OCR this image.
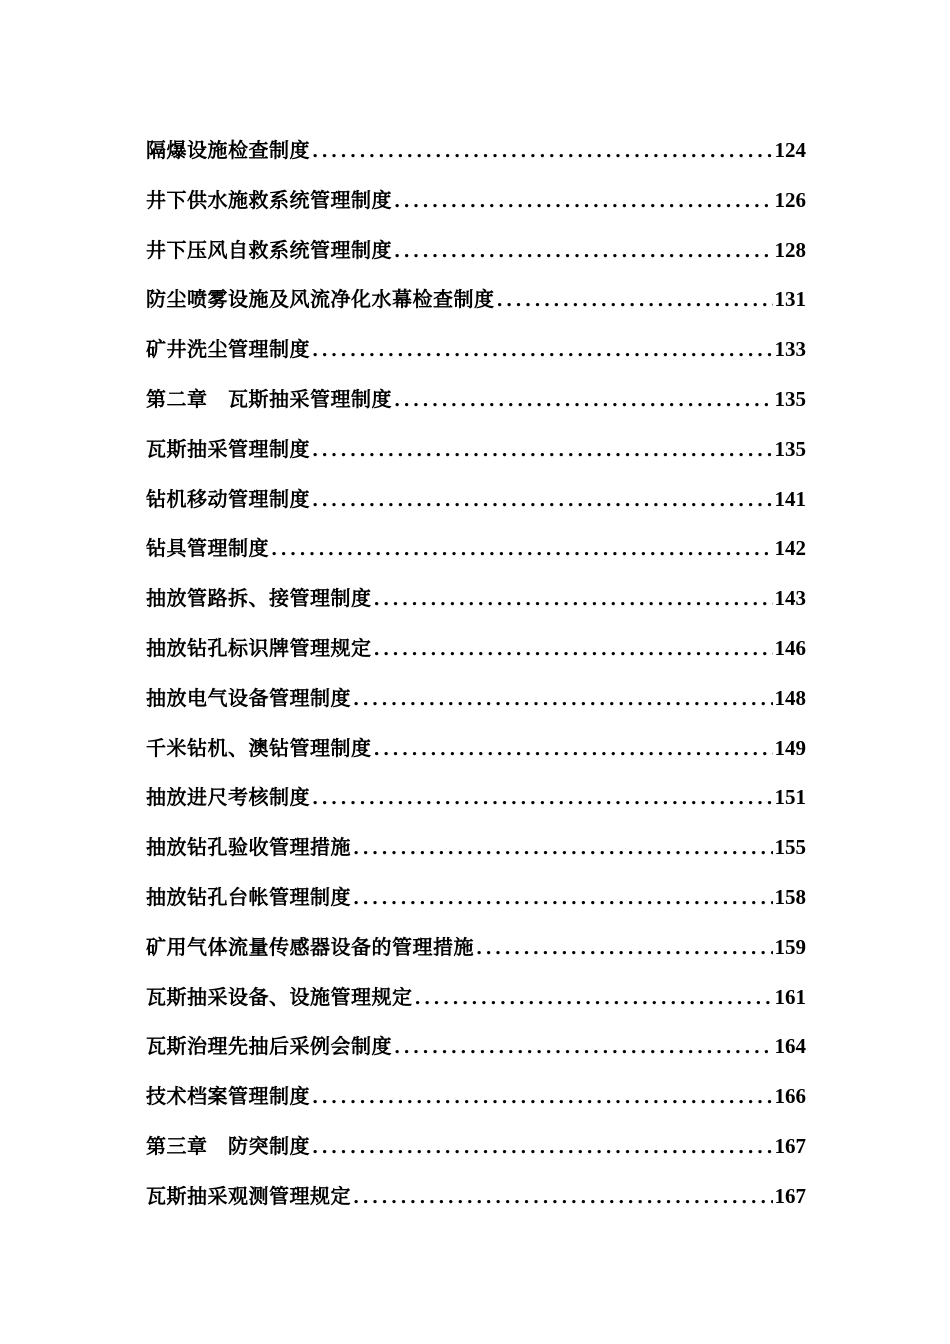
隔爆设施检查制度 .....	124
井下供水施救系统管理制度 .....	126
井下压风自救系统管理制度 .....	128
防尘喷雾设施及风流净化水幕检查制度 .....	131
矿井洗尘管理制度 .....	133
第二章　瓦斯抽采管理制度 .....	135
瓦斯抽采管理制度 .....	135
钻机移动管理制度 .....	141
钻具管理制度 .....	142
抽放管路拆、接管理制度 .....	143
抽放钻孔标识牌管理规定 .....	146
抽放电气设备管理制度 .....	148
千米钻机、澳钻管理制度 .....	149
抽放进尺考核制度 .....	151
抽放钻孔验收管理措施 .....	155
抽放钻孔台帐管理制度 .....	158
矿用气体流量传感器设备的管理措施 .....	159
瓦斯抽采设备、设施管理规定 .....	161
瓦斯治理先抽后采例会制度 .....	164
技术档案管理制度 .....	166
第三章　防突制度 .....	167
瓦斯抽采观测管理规定 .....	167
